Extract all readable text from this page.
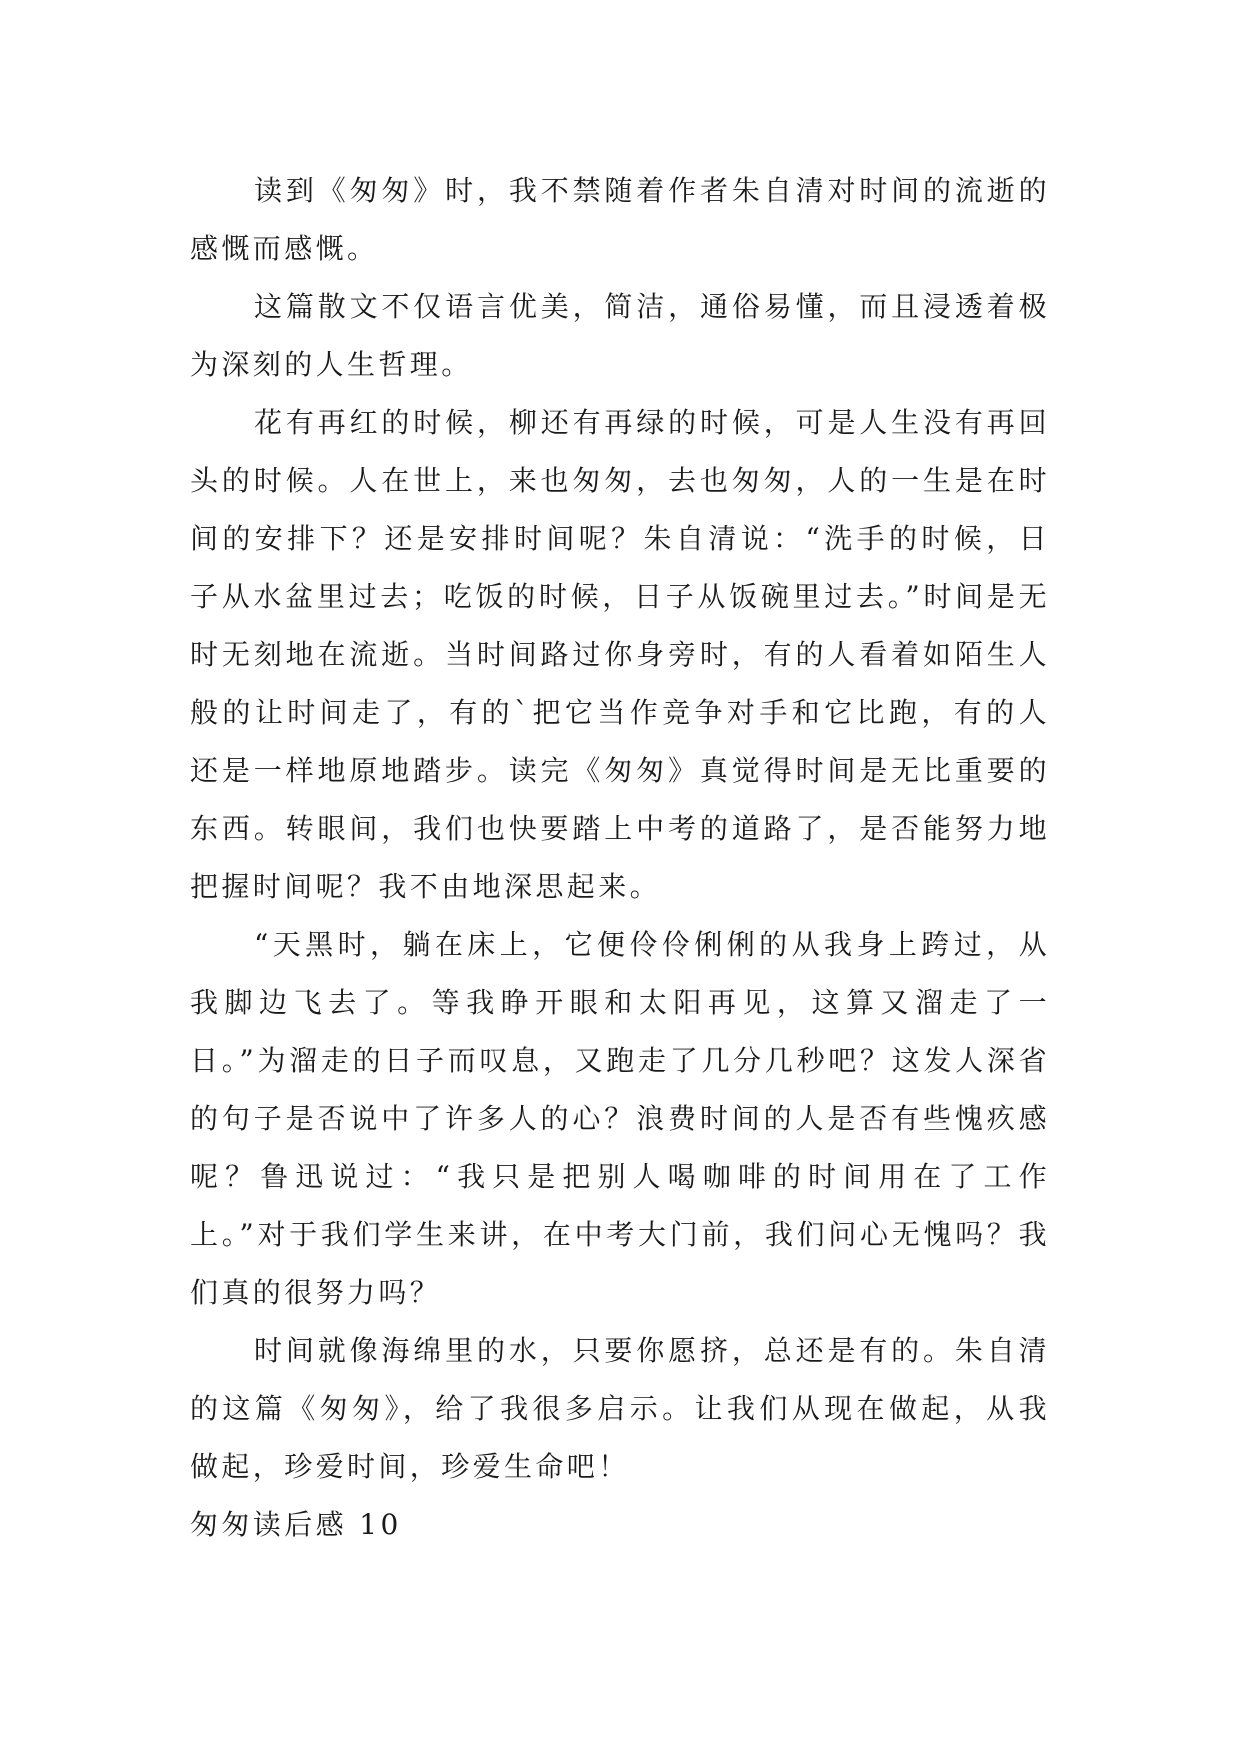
读到《匆匆》时，我不禁随着作者朱自清对时间的流逝的感慨而感慨。

这篇散文不仅语言优美，简洁，通俗易懂，而且浸透着极为深刻的人生哲理。

花有再红的时候，柳还有再绿的时候，可是人生没有再回头的时候。人在世上，来也匆匆，去也匆匆，人的一生是在时间的安排下？还是安排时间呢？朱自清说：“洗手的时候，日子从水盆里过去；吃饭的时候，日子从饭碗里过去。”时间是无时无刻地在流逝。当时间路过你身旁时，有的人看着如陌生人般的让时间走了，有的`把它当作竞争对手和它比跑，有的人还是一样地原地踏步。读完《匆匆》真觉得时间是无比重要的东西。转眼间，我们也快要踏上中考的道路了，是否能努力地把握时间呢？我不由地深思起来。

“天黑时，躺在床上，它便伶伶俐俐的从我身上跨过，从我脚边飞去了。等我睁开眼和太阳再见，这算又溜走了一日。”为溜走的日子而叹息，又跑走了几分几秒吧？这发人深省的句子是否说中了许多人的心？浪费时间的人是否有些愧疚感呢？鲁迅说过：“我只是把别人喝咖啡的时间用在了工作上。”对于我们学生来讲，在中考大门前，我们问心无愧吗？我们真的很努力吗？

时间就像海绵里的水，只要你愿挤，总还是有的。朱自清的这篇《匆匆》，给了我很多启示。让我们从现在做起，从我做起，珍爱时间，珍爱生命吧！

匆匆读后感 10
